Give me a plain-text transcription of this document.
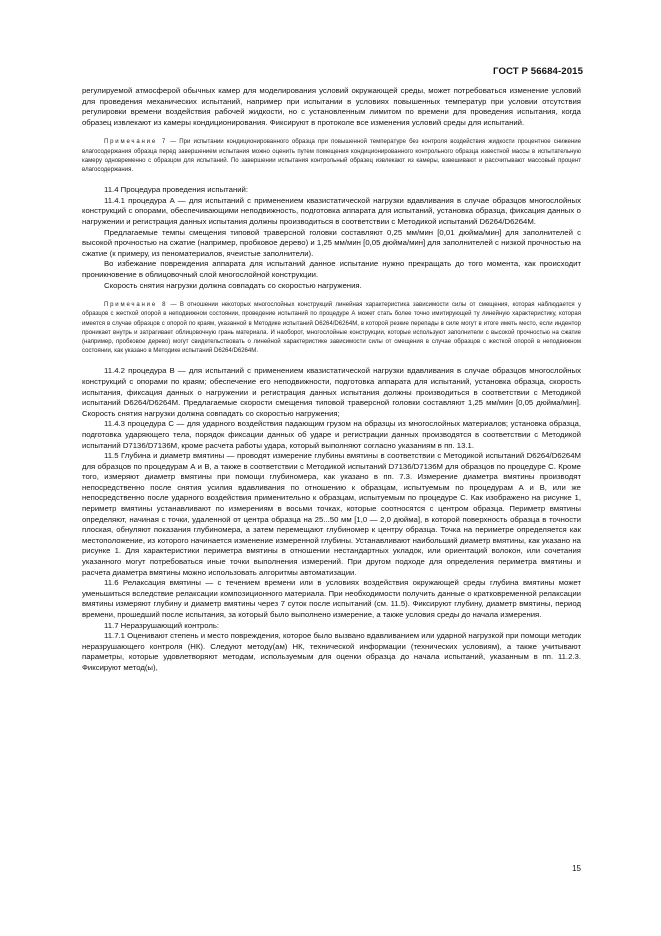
ГОСТ Р 56684-2015

регулируемой атмосферой обычных камер для моделирования условий окружающей среды, может потребоваться изменение условий для проведения механических испытаний, например при испытании в условиях повышенных температур при условии отсутствия регулировки времени воздействия рабочей жидкости, но с установленным лимитом по времени для проведения испытания, когда образец извлекают из камеры кондиционирования. Фиксируют в протоколе все изменения условий среды для испытаний.

Примечание 7 — При испытании кондиционированного образца при повышенной температуре без контроля воздействия жидкости процентное снижение влагосодержания образца перед завершением испытания можно оценить путем помещения кондиционированного контрольного образца известной массы в испытательную камеру одновременно с образцом для испытаний. По завершении испытания контрольный образец извлекают из камеры, взвешивают и рассчитывают массовый процент влагосодержания.

11.4 Процедура проведения испытаний:

11.4.1 процедура А — для испытаний с применением квазистатической нагрузки вдавливания в случае образцов многослойных конструкций с опорами, обеспечивающими неподвижность, подготовка аппарата для испытаний, установка образца, фиксация данных о нагружении и регистрация данных испытания должны производиться в соответствии с Методикой испытаний D6264/D6264M.

Предлагаемые темпы смещения типовой траверсной головки составляют 0,25 мм/мин [0,01 дюйма/мин] для заполнителей с высокой прочностью на сжатие (например, пробковое дерево) и 1,25 мм/мин [0,05 дюйма/мин] для заполнителей с низкой прочностью на сжатие (к примеру, из пеноматериалов, ячеистые заполнители).

Во избежание повреждения аппарата для испытаний данное испытание нужно прекращать до того момента, как происходит проникновение в облицовочный слой многослойной конструкции.

Скорость снятия нагрузки должна совпадать со скоростью нагружения.

Примечание 8 — В отношении некоторых многослойных конструкций линейная характеристика зависимости силы от смещения, которая наблюдается у образцов с жесткой опорой в неподвижном состоянии, проведение испытаний по процедуре А может стать более точно имитирующей ту линейную характеристику, которая имеется в случае образцов с опорой по краям, указанной в Методике испытаний D6264/D6264M, в которой резкие перепады в силе могут в итоге иметь место, если индентор проникает внутрь и затрагивает облицовочную грань материала. И наоборот, многослойные конструкции, которые используют заполнители с высокой прочностью на сжатие (например, пробковое дерево) могут свидетельствовать о линейной характеристике зависимости силы от смещения в случае образцов с жесткой опорой в неподвижном состоянии, как указано в Методике испытаний D6264/D6264M.

11.4.2 процедура В — для испытаний с применением квазистатической нагрузки вдавливания в случае образцов многослойных конструкций с опорами по краям; обеспечение его неподвижности, подготовка аппарата для испытаний, установка образца, скорость испытания, фиксация данных о нагружении и регистрация данных испытания должны производиться в соответствии с Методикой испытаний D6264/D6264M. Предлагаемые скорости смещения типовой траверсной головки составляют 1,25 мм/мин [0,05 дюйма/мин]. Скорость снятия нагрузки должна совпадать со скоростью нагружения;

11.4.3 процедура С — для ударного воздействия падающим грузом на образцы из многослойных материалов; установка образца, подготовка ударяющего тела, порядок фиксации данных об ударе и регистрации данных производятся в соответствии с Методикой испытаний D7136/D7136M, кроме расчета работы удара, который выполняют согласно указаниям в пп. 13.1.

11.5 Глубина и диаметр вмятины — проводят измерение глубины вмятины в соответствии с Методикой испытаний D6264/D6264M для образцов по процедурам А и В, а также в соответствии с Методикой испытаний D7136/D7136M для образцов по процедуре С. Кроме того, измеряют диаметр вмятины при помощи глубиномера, как указано в пп. 7.3. Измерение диаметра вмятины производят непосредственно после снятия усилия вдавливания по отношению к образцам, испытуемым по процедурам А и В, или же непосредственно после ударного воздействия применительно к образцам, испытуемым по процедуре С. Как изображено на рисунке 1, периметр вмятины устанавливают по измерениям в восьми точках, которые соотносятся с центром образца. Периметр вмятины определяют, начиная с точки, удаленной от центра образца на 25...50 мм [1,0 — 2,0 дюйма], в которой поверхность образца в точности плоская, обнуляют показания глубиномера, а затем перемещают глубиномер к центру образца. Точка на периметре определяется как местоположение, из которого начинается изменение измеренной глубины. Устанавливают наибольший диаметр вмятины, как указано на рисунке 1. Для характеристики периметра вмятины в отношении нестандартных укладок, или ориентаций волокон, или сочетания указанного могут потребоваться иные точки выполнения измерений. При другом подходе для определения периметра вмятины и расчета диаметра вмятины можно использовать алгоритмы автоматизации.

11.6 Релаксация вмятины — с течением времени или в условиях воздействия окружающей среды глубина вмятины может уменьшиться вследствие релаксации композиционного материала. При необходимости получить данные о кратковременной релаксации вмятины измеряют глубину и диаметр вмятины через 7 суток после испытаний (см. 11.5). Фиксируют глубину, диаметр вмятины, период времени, прошедший после испытания, за который было выполнено измерение, а также условия среды до начала измерения.

11.7 Неразрушающий контроль:

11.7.1 Оценивают степень и место повреждения, которое было вызвано вдавливанием или ударной нагрузкой при помощи методик неразрушающего контроля (НК). Следуют методу(ам) НК, технической информации (технических условиям), а также учитывают параметры, которые удовлетворяют методам, используемым для оценки образца до начала испытаний, указанным в пп. 11.2.3. Фиксируют метод(ы),

15
